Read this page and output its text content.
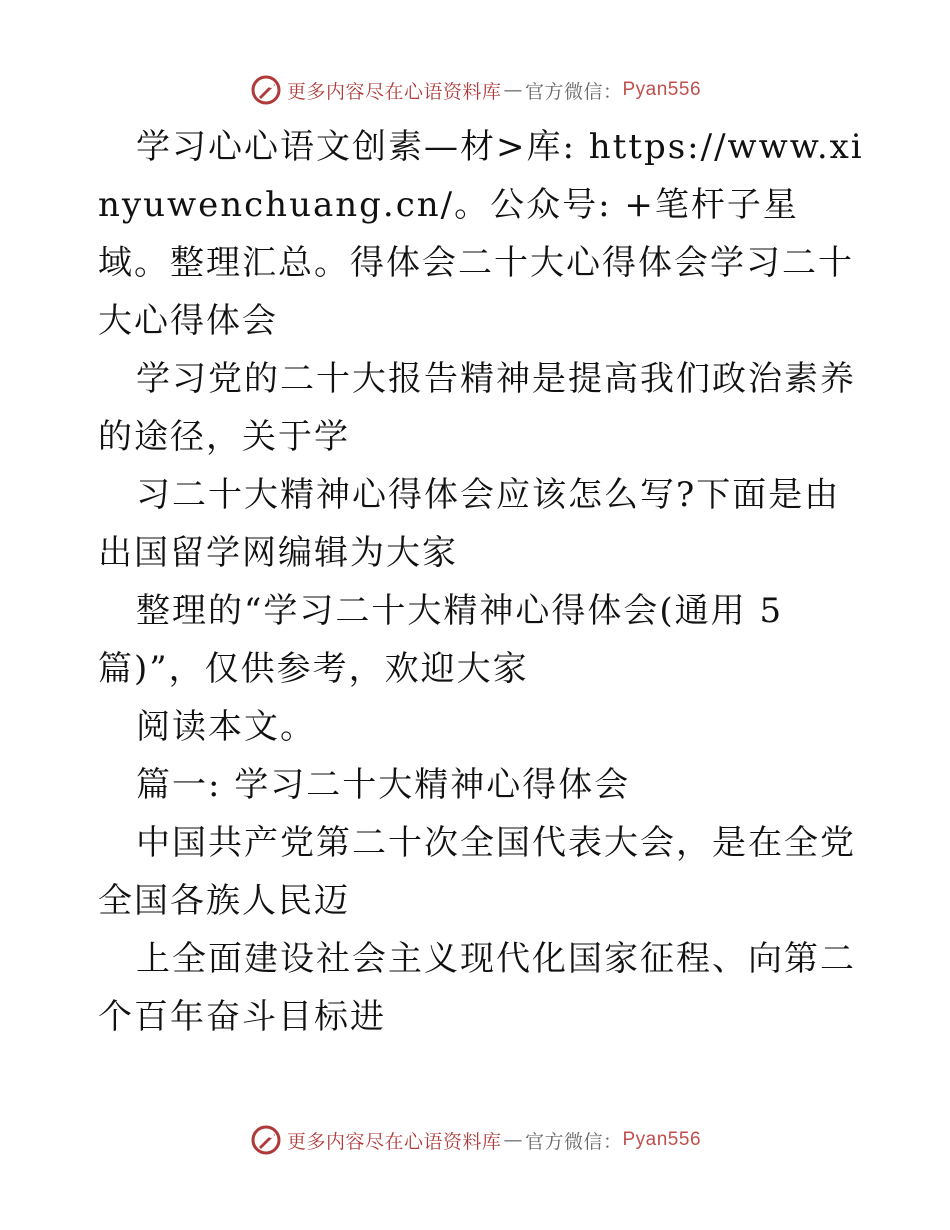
更多内容尽在心语资料库 — 官方微信： Pyan556

学习心心语文创素—材>库: https://www.xinyuwenchuang.cn/。公众号: +笔杆子星域。整理汇总。得体会二十大心得体会学习二十大心得体会

学习党的二十大报告精神是提高我们政治素养的途径，关于学

习二十大精神心得体会应该怎么写?下面是由出国留学网编辑为大家

整理的“学习二十大精神心得体会(通用 5篇)”，仅供参考，欢迎大家

阅读本文。

篇一: 学习二十大精神心得体会

中国共产党第二十次全国代表大会，是在全党全国各族人民迈

上全面建设社会主义现代化国家征程、向第二个百年奋斗目标进

更多内容尽在心语资料库 — 官方微信： Pyan556
